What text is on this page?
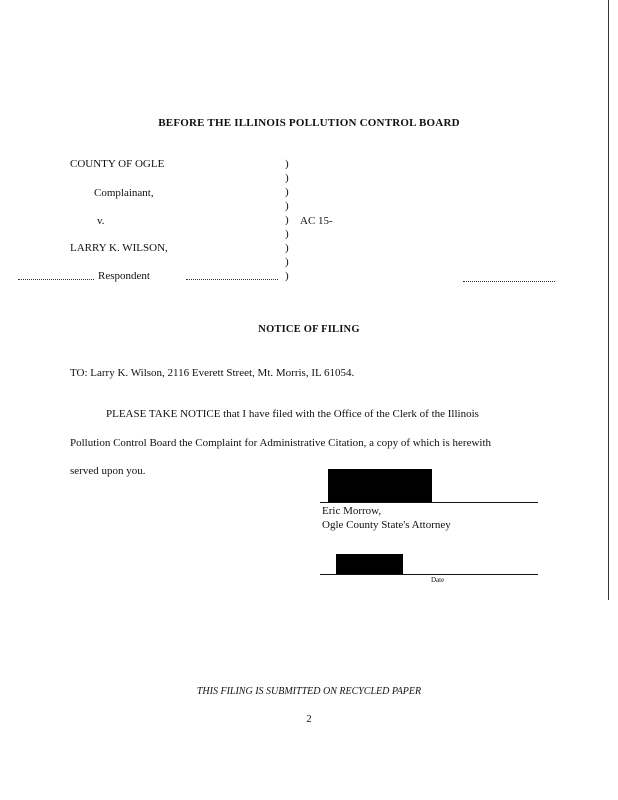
BEFORE THE ILLINOIS POLLUTION CONTROL BOARD
COUNTY OF OGLE
Complainant,
v.
LARRY K. WILSON,
Respondent
)
)
)
)
)
)
)
)
)
AC 15-
NOTICE OF FILING
TO: Larry K. Wilson, 2116 Everett Street, Mt. Morris, IL 61054.
PLEASE TAKE NOTICE that I have filed with the Office of the Clerk of the Illinois
Pollution Control Board the Complaint for Administrative Citation, a copy of which is herewith
served upon you.
Eric Morrow,
Ogle County State's Attorney
Date
THIS FILING IS SUBMITTED ON RECYCLED PAPER
2
